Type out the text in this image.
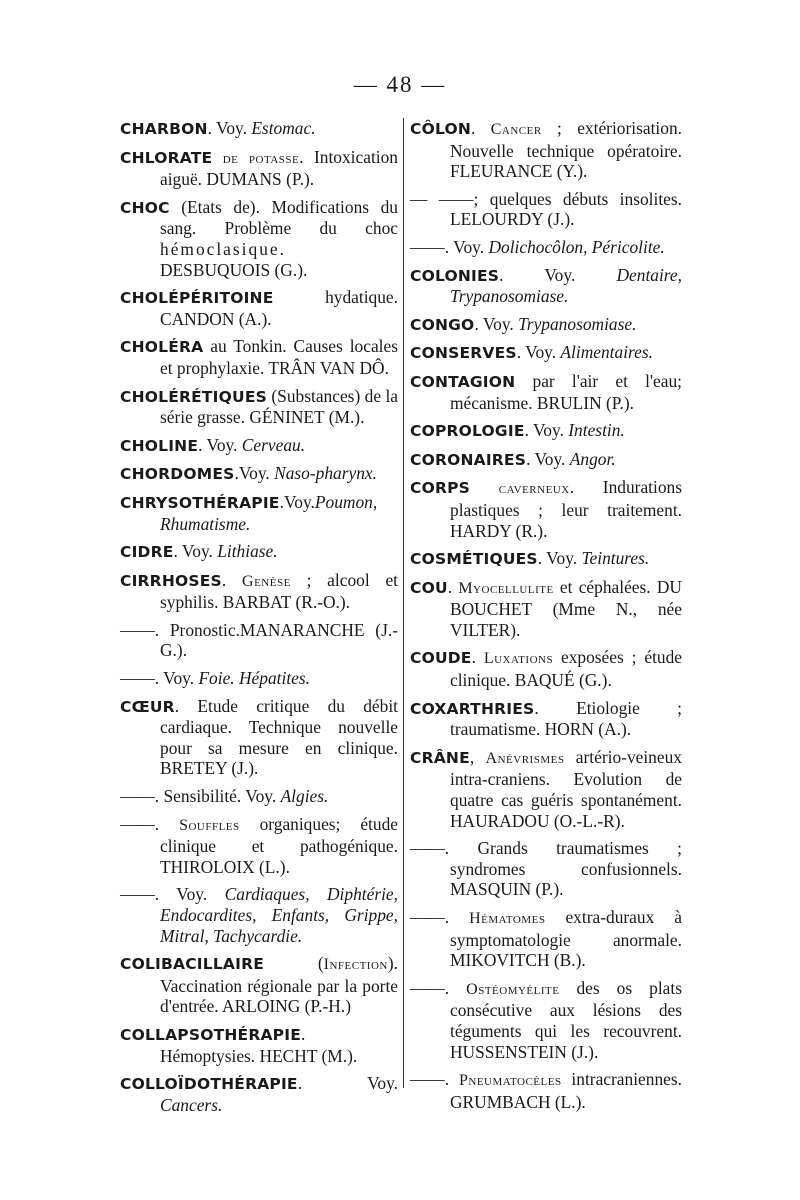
— 48 —
CHARBON. Voy. Estomac.
CHLORATE de potasse. Intoxication aiguë. DUMANS (P.).
CHOC (Etats de). Modifications du sang. Problème du choc hémoclasique. DESBUQUOIS (G.).
CHOLÉPÉRITOINE hydatique. CANDON (A.).
CHOLÉRA au Tonkin. Causes locales et prophylaxie. TRÂN VAN DÔ.
CHOLÉRÉTIQUES (Substances) de la série grasse. GÉNINET (M.).
CHOLINE. Voy. Cerveau.
CHORDOMES.Voy. Naso-pharynx.
CHRYSOTHÉRAPIE.Voy.Poumon, Rhumatisme.
CIDRE. Voy. Lithiase.
CIRRHOSES. Genèse ; alcool et syphilis. BARBAT (R.-O.).
——. Pronostic.MANARANCHE (J.-G.).
——. Voy. Foie. Hépatites.
CŒUR. Etude critique du débit cardiaque. Technique nouvelle pour sa mesure en clinique. BRETEY (J.).
——. Sensibilité. Voy. Algies.
——. Souffles organiques; étude clinique et pathogénique. THIROLOIX (L.).
——. Voy. Cardiaques, Diphtérie, Endocardites, Enfants, Grippe, Mitral, Tachycardie.
COLIBACILLAIRE (Infection). Vaccination régionale par la porte d'entrée. ARLOING (P.-H.)
COLLAPSOTHÉRAPIE. Hémoptysies. HECHT (M.).
COLLOÏDOTHÉRAPIE. Voy. Cancers.
CÔLON. Cancer ; extériorisation. Nouvelle technique opératoire. FLEURANCE (Y.).
— ——; quelques débuts insolites. LELOURDY (J.).
——. Voy. Dolichocôlon, Péricolite.
COLONIES. Voy. Dentaire, Trypanosomiase.
CONGO. Voy. Trypanosomiase.
CONSERVES. Voy. Alimentaires.
CONTAGION par l'air et l'eau; mécanisme. BRULIN (P.).
COPROLOGIE. Voy. Intestin.
CORONAIRES. Voy. Angor.
CORPS caverneux. Indurations plastiques ; leur traitement. HARDY (R.).
COSMÉTIQUES. Voy. Teintures.
COU. Myocellulite et céphalées. DU BOUCHET (Mme N., née VILTER).
COUDE. Luxations exposées ; étude clinique. BAQUÉ (G.).
COXARTHRIES. Etiologie ; traumatisme. HORN (A.).
CRÂNE, Anévrismes artério-veineux intra-craniens. Evolution de quatre cas guéris spontanément. HAURADOU (O.-L.-R).
——. Grands traumatismes ; syndromes confusionnels. MASQUIN (P.).
——. Hématomes extra-duraux à symptomatologie anormale. MIKOVITCH (B.).
——. Ostéomyélite des os plats consécutive aux lésions des téguments qui les recouvrent. HUSSENSTEIN (J.).
——. Pneumatocèles intracraniennes. GRUMBACH (L.).
